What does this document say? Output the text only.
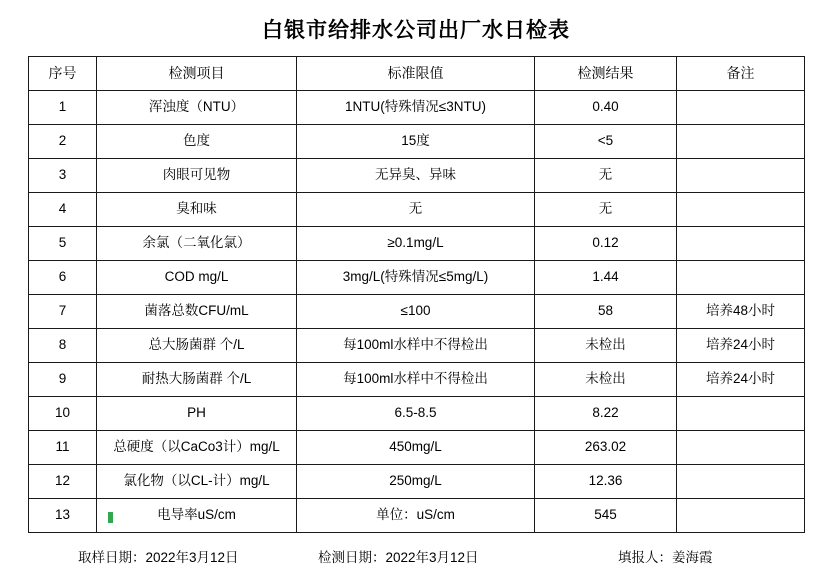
白银市给排水公司出厂水日检表
序号	检测项目	标准限值	检测结果	备注
1	浑浊度（NTU）	1NTU(特殊情况≤3NTU)	0.40	
2	色度	15度	<5	
3	肉眼可见物	无异臭、异味	无	
4	臭和味	无	无	
5	余氯（二氧化氯）	≥0.1mg/L	0.12	
6	COD mg/L	3mg/L(特殊情况≤5mg/L)	1.44	
7	菌落总数CFU/mL	≤100	58	培养48小时
8	总大肠菌群 个/L	每100ml水样中不得检出	未检出	培养24小时
9	耐热大肠菌群 个/L	每100ml水样中不得检出	未检出	培养24小时
10	PH	6.5-8.5	8.22	
11	总硬度（以CaCo3计）mg/L	450mg/L	263.02	
12	氯化物（以CL-计）mg/L	250mg/L	12.36	
13	电导率uS/cm	单位：uS/cm	545	
取样日期：2022年3月12日	检测日期：2022年3月12日	填报人：姜海霞
